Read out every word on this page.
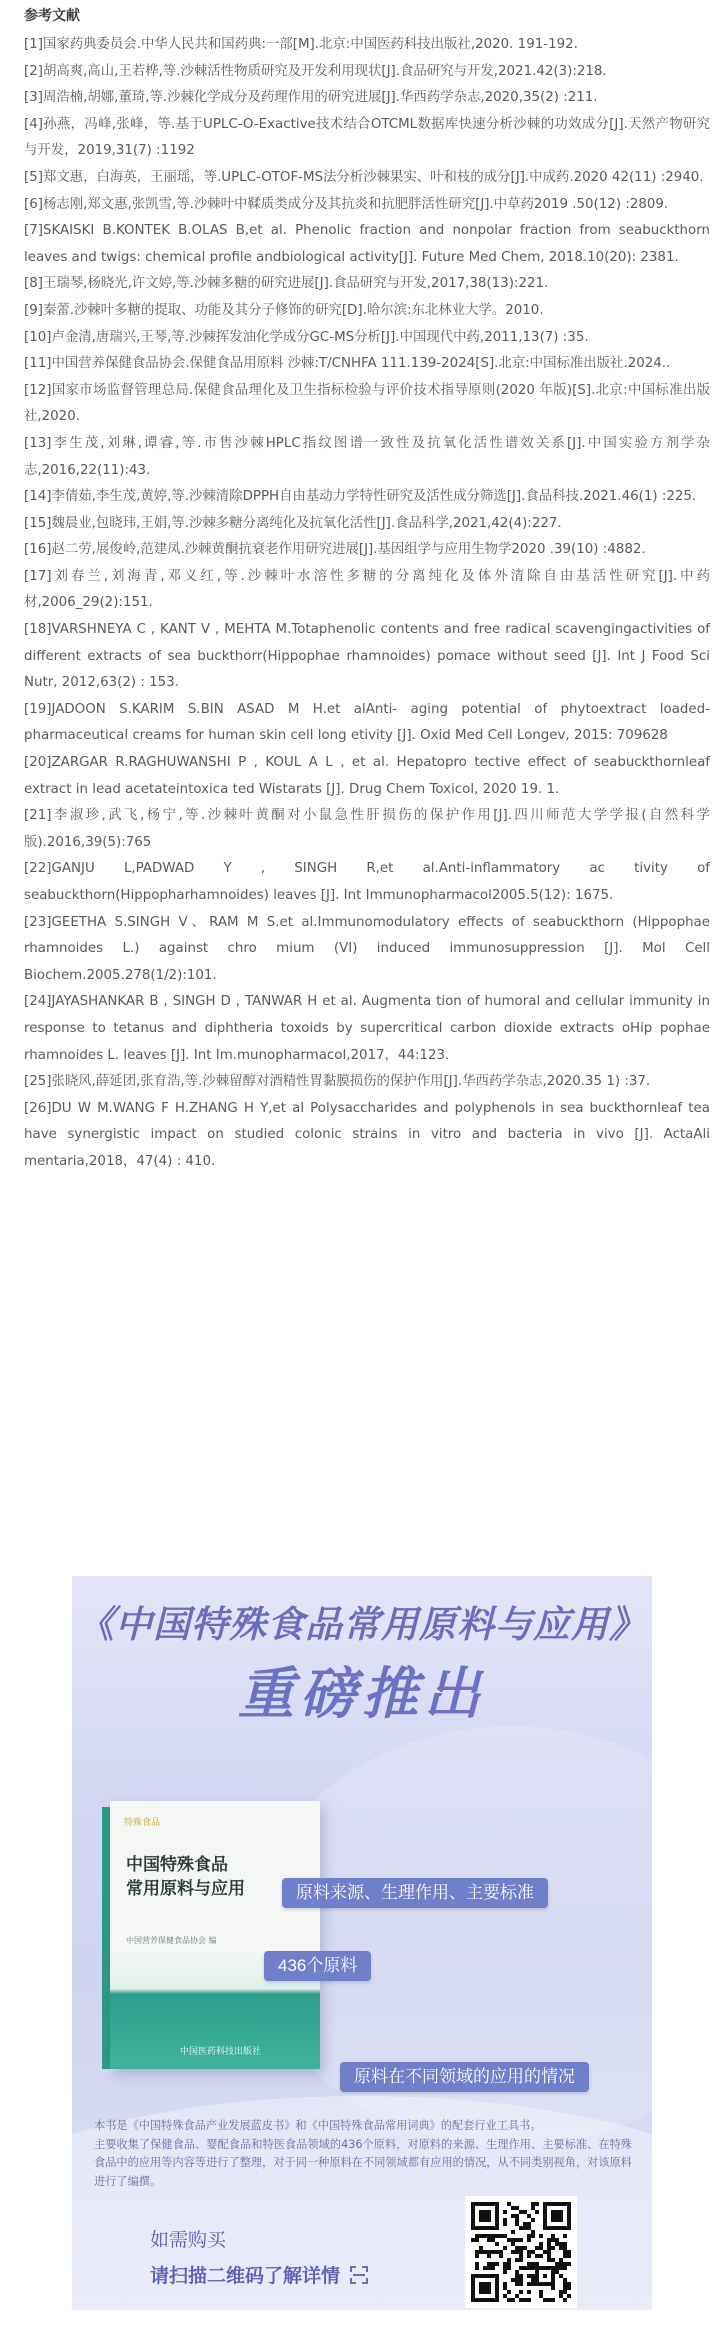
参考文献
[1]国家药典委员会.中华人民共和国药典:一部[M].北京:中国医药科技出版社,2020. 191-192.
[2]胡高爽,高山,王若桦,等.沙棘活性物质研究及开发利用现状[J].食品研究与开发,2021.42(3):218.
[3]周浩楠,胡娜,董琦,等.沙棘化学成分及药理作用的研究进展[J].华西药学杂志,2020,35(2) :211.
[4]孙燕，冯峰,张峰，等.基于UPLC-O-Exactive技术结合OTCML数据库快速分析沙棘的功效成分[J].天然产物研究与开发，2019,31(7) :1192
[5]郑文惠，白海英，王丽瑶，等.UPLC-OTOF-MS法分析沙棘果实、叶和枝的成分[J].中成药.2020 42(11) :2940.
[6]杨志刚,郑文惠,张凯雪,等.沙棘叶中鞣质类成分及其抗炎和抗肥胖活性研究[J].中草药2019 .50(12) :2809.
[7]SKAISKI B.KONTEK B.OLAS B,et al. Phenolic fraction and nonpolar fraction from seabuckthorn leaves and twigs: chemical profile andbiological activity[J]. Future Med Chem, 2018.10(20): 2381.
[8]王瑞琴,杨晓光,许文婷,等.沙棘多糖的研究进展[J].食品研究与开发,2017,38(13):221.
[9]秦蕾.沙棘叶多糖的提取、功能及其分子修饰的研究[D].哈尔滨:东北林业大学。2010.
[10]卢金清,唐瑞兴,王琴,等.沙棘挥发油化学成分GC-MS分析[J].中国现代中药,2011,13(7) :35.
[11]中国营养保健食品协会.保健食品用原料 沙棘:T/CNHFA 111.139-2024[S].北京:中国标准出版社.2024..
[12]国家市场监督管理总局.保健食品理化及卫生指标检验与评价技术指导原则(2020 年版)[S].北京:中国标准出版社,2020.
[13]李生茂,刘琳,谭睿,等.市售沙棘HPLC指纹图谱一致性及抗氧化活性谱效关系[J].中国实验方剂学杂志,2016,22(11):43.
[14]李倩茹,李生茂,黄婷,等.沙棘清除DPPH自由基动力学特性研究及活性成分筛选[J].食品科技.2021.46(1) :225.
[15]魏晨业,包晓玮,王娟,等.沙棘多糖分离纯化及抗氧化活性[J].食品科学,2021,42(4):227.
[16]赵二劳,展俊岭,范建凤.沙棘黄酮抗衰老作用研究进展[J].基因组学与应用生物学2020 .39(10) :4882.
[17]刘春兰,刘海青,邓义红,等.沙棘叶水溶性多糖的分离纯化及体外清除自由基活性研究[J].中药材,2006_29(2):151.
[18]VARSHNEYA C , KANT V , MEHTA M.Totaphenolic contents and free radical scavengingactivities of different extracts of sea buckthorr(Hippophae rhamnoides) pomace without seed [J]. Int J Food Sci Nutr, 2012,63(2) : 153.
[19]JADOON S.KARIM S.BIN ASAD M H.et alAnti- aging potential of phytoextract loaded-pharmaceutical creams for human skin cell long etivity [J]. Oxid Med Cell Longev, 2015: 709628
[20]ZARGAR R.RAGHUWANSHI P , KOUL A L , et al. Hepatopro tective effect of seabuckthornleaf extract in lead acetateintoxica ted Wistarats [J]. Drug Chem Toxicol, 2020 19. 1.
[21]李淑珍,武飞,杨宁,等.沙棘叶黄酮对小鼠急性肝损伤的保护作用[J].四川师范大学学报(自然科学版).2016,39(5):765
[22]GANJU L,PADWAD Y , SINGH R,et al.Anti-inflammatory ac tivity of seabuckthorn(Hippopharhamnoides) leaves [J]. Int Immunopharmacol2005.5(12): 1675.
[23]GEETHA S.SINGH V、RAM M S.et al.Immunomodulatory effects of seabuckthorn (Hippophae rhamnoides L.) against chro mium (VI) induced immunosuppression [J]. Mol Cell Biochem.2005.278(1/2):101.
[24]JAYASHANKAR B , SINGH D , TANWAR H et al. Augmenta tion of humoral and cellular immunity in response to tetanus and diphtheria toxoids by supercritical carbon dioxide extracts oHip pophae rhamnoides L. leaves [J]. Int Im.munopharmacol,2017，44:123.
[25]张晓风,薛延团,张育浩,等.沙棘留醇对酒精性胃黏膜损伤的保护作用[J].华西药学杂志,2020.35 1) :37.
[26]DU W M.WANG F H.ZHANG H Y,et al Polysaccharides and polyphenols in sea buckthornleaf tea have synergistic impact on studied colonic strains in vitro and bacteria in vivo [J]. ActaAli mentaria,2018，47(4) : 410.
《中国特殊食品常用原料与应用》
重磅推出
特殊食品
中国特殊食品
常用原料与应用
中国营养保健食品协会 编
中国医药科技出版社
原料来源、生理作用、主要标准
436个原料
原料在不同领域的应用的情况

本书是《中国特殊食品产业发展蓝皮书》和《中国特殊食品常用词典》的配套行业工具书。

主要收集了保健食品、婴配食品和特医食品领域的436个原料，对原料的来源、生理作用、主要标准、在特殊食品中的应用等内容等进行了整理，对于同一种原料在不同领域都有应用的情况，从不同类别视角，对该原料进行了编撰。

如需购买
请扫描二维码了解详情
